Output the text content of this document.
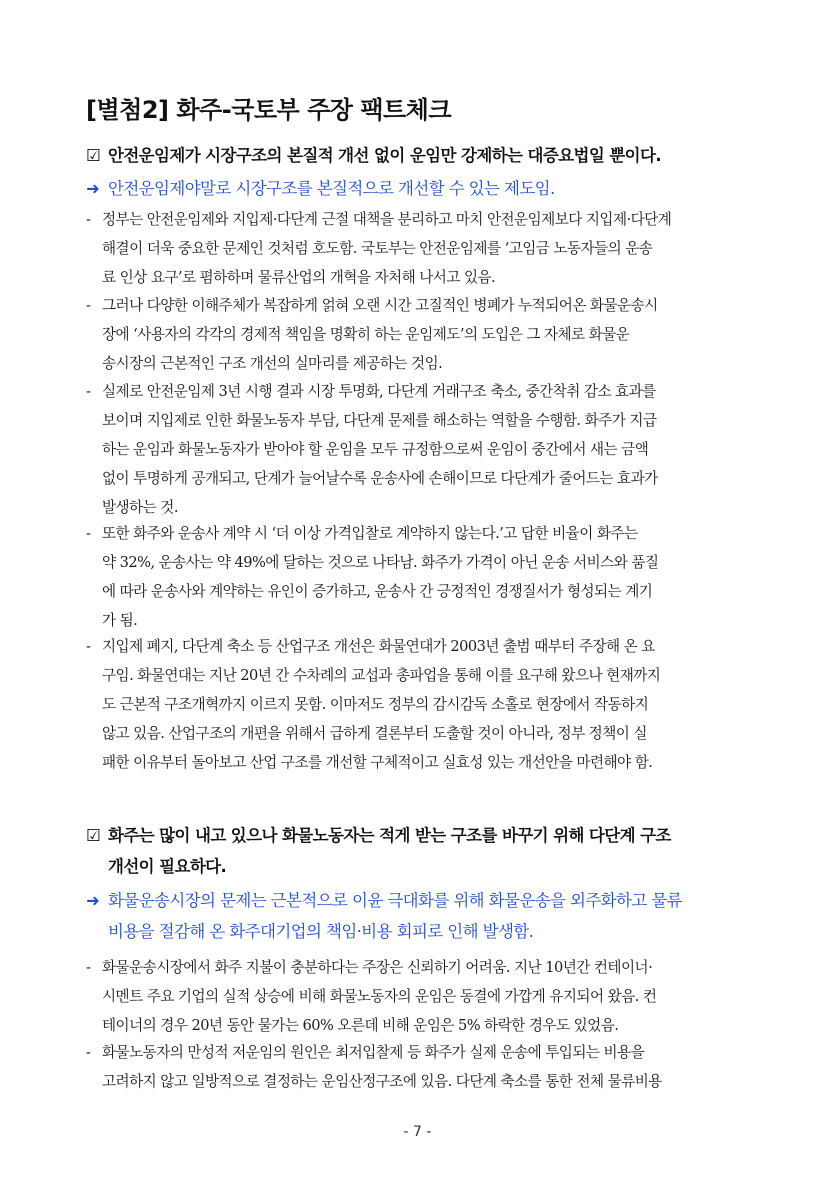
[별첨2] 화주-국토부 주장 팩트체크
☑ 안전운임제가 시장구조의 본질적 개선 없이 운임만 강제하는 대증요법일 뿐이다.
➜ 안전운임제야말로 시장구조를 본질적으로 개선할 수 있는 제도임.
- 정부는 안전운임제와 지입제·다단계 근절 대책을 분리하고 마치 안전운임제보다 지입제·다단계
해결이 더욱 중요한 문제인 것처럼 호도함. 국토부는 안전운임제를 ‘고임금 노동자들의 운송
료 인상 요구’로 폄하하며 물류산업의 개혁을 자처해 나서고 있음.
- 그러나 다양한 이해주체가 복잡하게 얽혀 오랜 시간 고질적인 병폐가 누적되어온 화물운송시
장에 ‘사용자의 각각의 경제적 책임을 명확히 하는 운임제도’의 도입은 그 자체로 화물운
송시장의 근본적인 구조 개선의 실마리를 제공하는 것임.
- 실제로 안전운임제 3년 시행 결과 시장 투명화, 다단계 거래구조 축소, 중간착취 감소 효과를
보이며 지입제로 인한 화물노동자 부담, 다단계 문제를 해소하는 역할을 수행함. 화주가 지급
하는 운임과 화물노동자가 받아야 할 운임을 모두 규정함으로써 운임이 중간에서 새는 금액
없이 투명하게 공개되고, 단계가 늘어날수록 운송사에 손해이므로 다단계가 줄어드는 효과가
발생하는 것.
- 또한 화주와 운송사 계약 시 ‘더 이상 가격입찰로 계약하지 않는다.’고 답한 비율이 화주는
약 32%, 운송사는 약 49%에 달하는 것으로 나타남. 화주가 가격이 아닌 운송 서비스와 품질
에 따라 운송사와 계약하는 유인이 증가하고, 운송사 간 긍정적인 경쟁질서가 형성되는 계기
가 됨.
- 지입제 폐지, 다단계 축소 등 산업구조 개선은 화물연대가 2003년 출범 때부터 주장해 온 요
구임. 화물연대는 지난 20년 간 수차례의 교섭과 총파업을 통해 이를 요구해 왔으나 현재까지
도 근본적 구조개혁까지 이르지 못함. 이마저도 정부의 감시감독 소홀로 현장에서 작동하지
않고 있음. 산업구조의 개편을 위해서 급하게 결론부터 도출할 것이 아니라, 정부 정책이 실
패한 이유부터 돌아보고 산업 구조를 개선할 구체적이고 실효성 있는 개선안을 마련해야 함.
☑ 화주는 많이 내고 있으나 화물노동자는 적게 받는 구조를 바꾸기 위해 다단계 구조
개선이 필요하다.
➜ 화물운송시장의 문제는 근본적으로 이윤 극대화를 위해 화물운송을 외주화하고 물류
비용을 절감해 온 화주대기업의 책임·비용 회피로 인해 발생함.
- 화물운송시장에서 화주 지불이 충분하다는 주장은 신뢰하기 어려움. 지난 10년간 컨테이너·
시멘트 주요 기업의 실적 상승에 비해 화물노동자의 운임은 동결에 가깝게 유지되어 왔음. 컨
테이너의 경우 20년 동안 물가는 60% 오른데 비해 운임은 5% 하락한 경우도 있었음.
- 화물노동자의 만성적 저운임의 원인은 최저입찰제 등 화주가 실제 운송에 투입되는 비용을
고려하지 않고 일방적으로 결정하는 운임산정구조에 있음. 다단계 축소를 통한 전체 물류비용
- 7 -
